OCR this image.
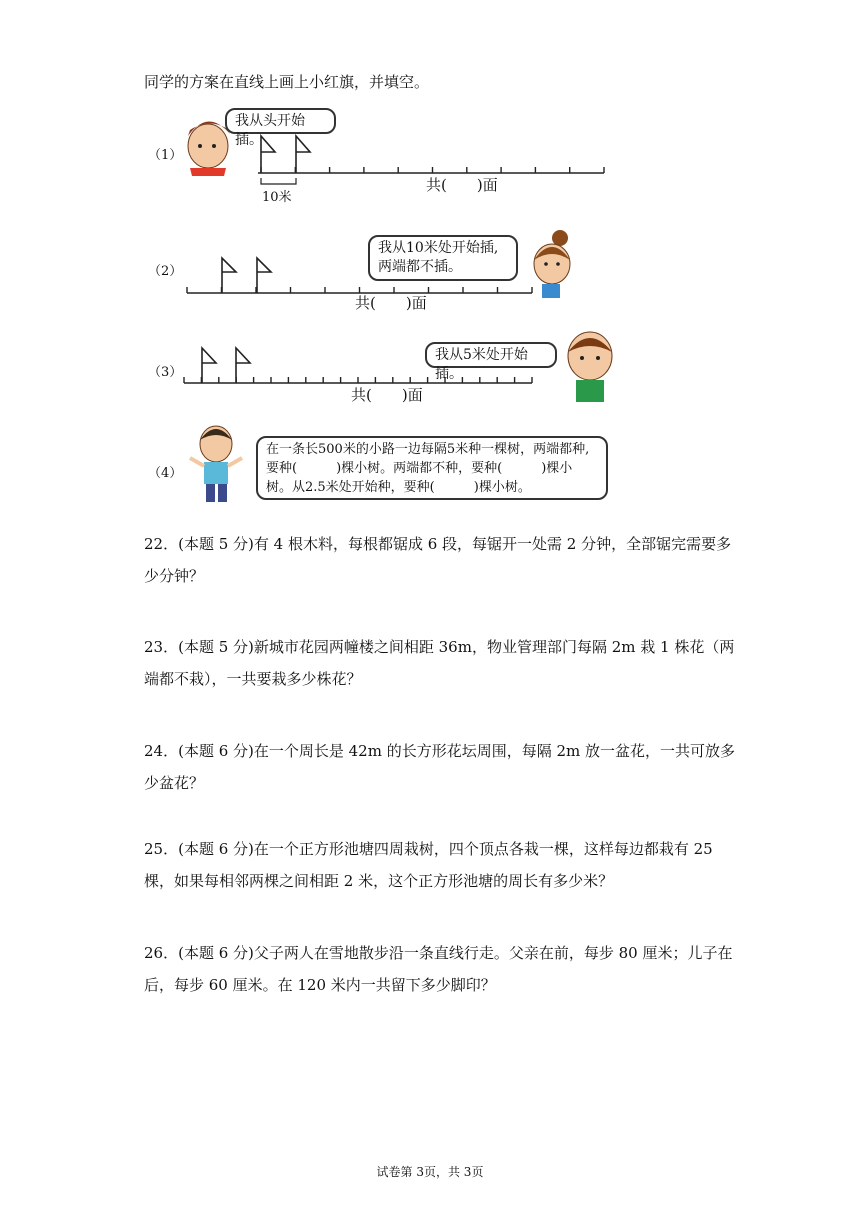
同学的方案在直线上画上小红旗，并填空。
（1）
我从头开始插。
10米
共(　　)面
（2）
我从10米处开始插,
两端都不插。
共(　　)面
（3）
我从5米处开始插。
共(　　)面
（4）
在一条长500米的小路一边每隔5米种一棵树，两端都种,
要种(　　　)棵小树。两端都不种，要种(　　　)棵小
树。从2.5米处开始种，要种(　　　)棵小树。
22．(本题 5 分)有 4 根木料，每根都锯成 6 段，每锯开一处需 2 分钟，全部锯完需要多
少分钟？
23．(本题 5 分)新城市花园两幢楼之间相距 36m，物业管理部门每隔 2m 栽 1 株花（两
端都不栽），一共要栽多少株花？
24．(本题 6 分)在一个周长是 42m 的长方形花坛周围，每隔 2m 放一盆花，一共可放多
少盆花？
25．(本题 6 分)在一个正方形池塘四周栽树，四个顶点各栽一棵，这样每边都栽有 25
棵，如果每相邻两棵之间相距 2 米，这个正方形池塘的周长有多少米？
26．(本题 6 分)父子两人在雪地散步沿一条直线行走。父亲在前，每步 80 厘米；儿子在
后，每步 60 厘米。在 120 米内一共留下多少脚印？
试卷第 3页，共 3页
